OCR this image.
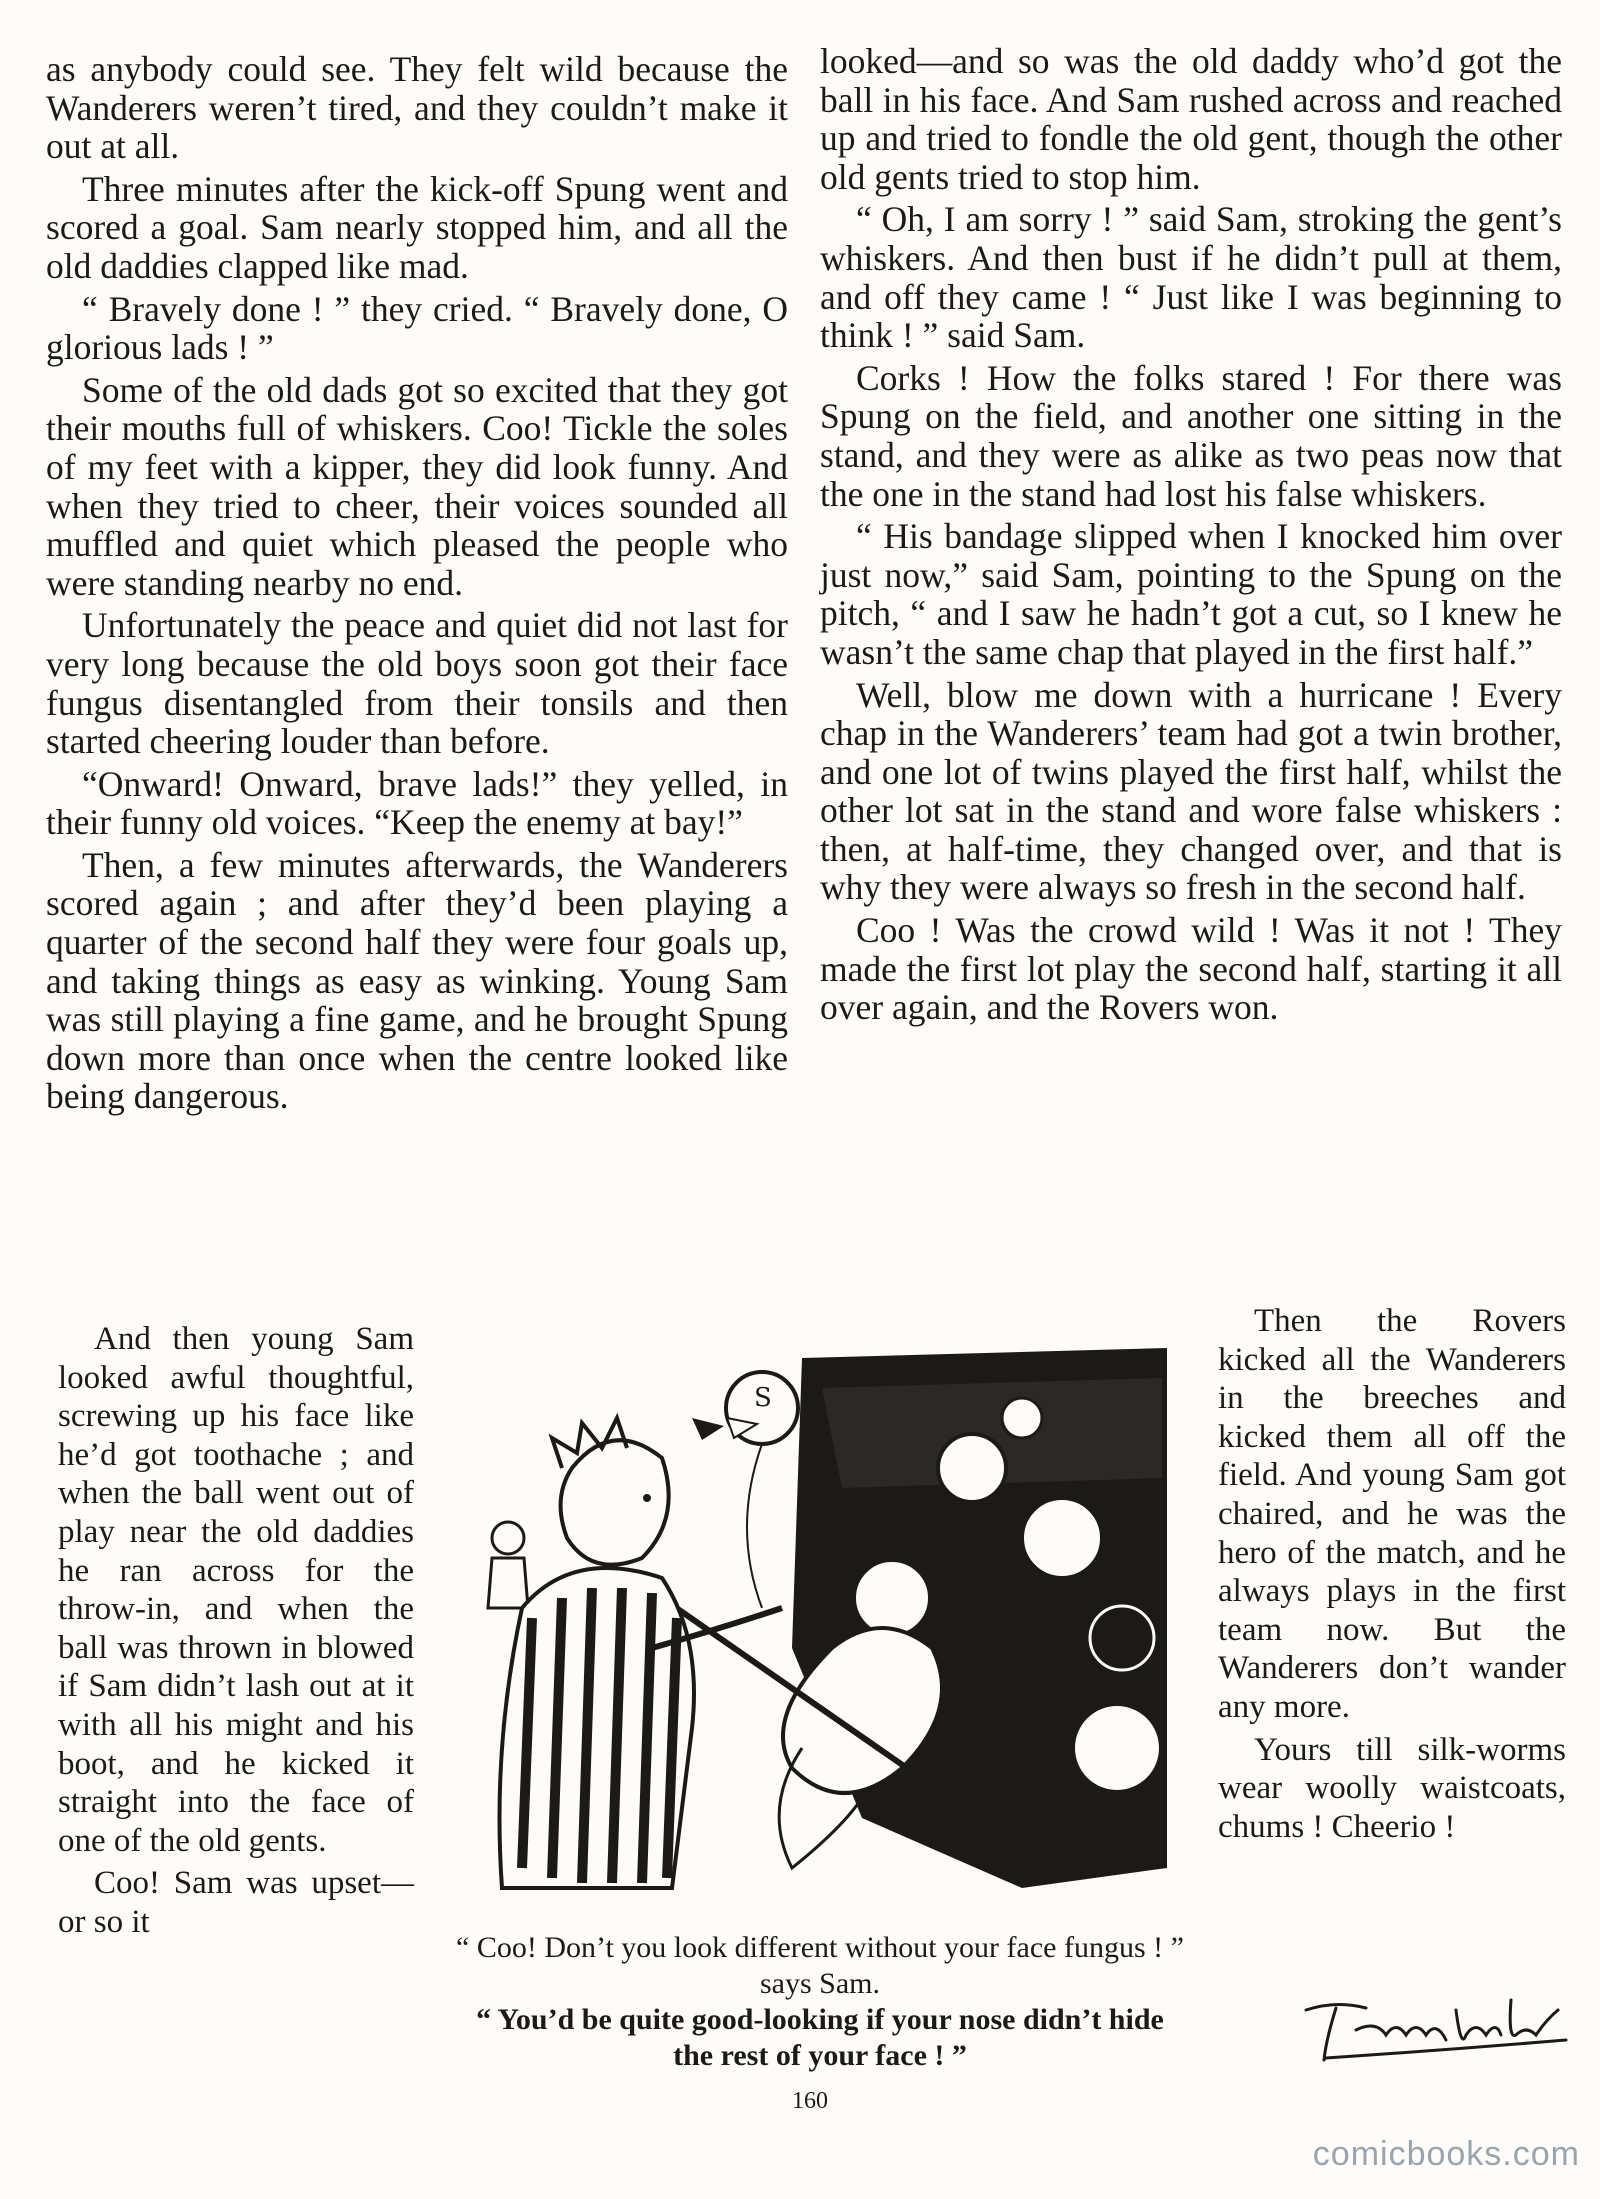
as anybody could see. They felt wild because the Wanderers weren’t tired, and they couldn’t make it out at all.

Three minutes after the kick-off Spung went and scored a goal. Sam nearly stopped him, and all the old daddies clapped like mad.

“ Bravely done ! ” they cried. “ Bravely done, O glorious lads ! ”

Some of the old dads got so excited that they got their mouths full of whiskers. Coo! Tickle the soles of my feet with a kipper, they did look funny. And when they tried to cheer, their voices sounded all muffled and quiet which pleased the people who were standing nearby no end.

Unfortunately the peace and quiet did not last for very long because the old boys soon got their face fungus disentangled from their tonsils and then started cheering louder than before.

“Onward! Onward, brave lads!” they yelled, in their funny old voices. “Keep the enemy at bay!”

Then, a few minutes afterwards, the Wanderers scored again ; and after they’d been playing a quarter of the second half they were four goals up, and taking things as easy as winking. Young Sam was still playing a fine game, and he brought Spung down more than once when the centre looked like being dangerous.

looked—and so was the old daddy who’d got the ball in his face. And Sam rushed across and reached up and tried to fondle the old gent, though the other old gents tried to stop him.

“ Oh, I am sorry ! ” said Sam, stroking the gent’s whiskers. And then bust if he didn’t pull at them, and off they came ! “ Just like I was beginning to think ! ” said Sam.

Corks ! How the folks stared ! For there was Spung on the field, and another one sitting in the stand, and they were as alike as two peas now that the one in the stand had lost his false whiskers.

“ His bandage slipped when I knocked him over just now,” said Sam, pointing to the Spung on the pitch, “ and I saw he hadn’t got a cut, so I knew he wasn’t the same chap that played in the first half.”

Well, blow me down with a hurricane ! Every chap in the Wanderers’ team had got a twin brother, and one lot of twins played the first half, whilst the other lot sat in the stand and wore false whiskers : then, at half-time, they changed over, and that is why they were always so fresh in the second half.

Coo ! Was the crowd wild ! Was it not ! They made the first lot play the second half, starting it all over again, and the Rovers won.

And then young Sam looked awful thoughtful, screwing up his face like he’d got toothache ; and when the ball went out of play near the old daddies he ran across for the throw-in, and when the ball was thrown in blowed if Sam didn’t lash out at it with all his might and his boot, and he kicked it straight into the face of one of the old gents.

Coo! Sam was upset—or so it

Then the Rovers kicked all the Wanderers in the breeches and kicked them all off the field. And young Sam got chaired, and he was the hero of the match, and he always plays in the first team now. But the Wanderers don’t wander any more.

Yours till silk-worms wear woolly waistcoats, chums ! Cheerio !

S
“ Coo! Don’t you look different without your face fungus ! ” says Sam.
“ You’d be quite good-looking if your nose didn’t hide the rest of your face ! ”
160
comicbooks.com
